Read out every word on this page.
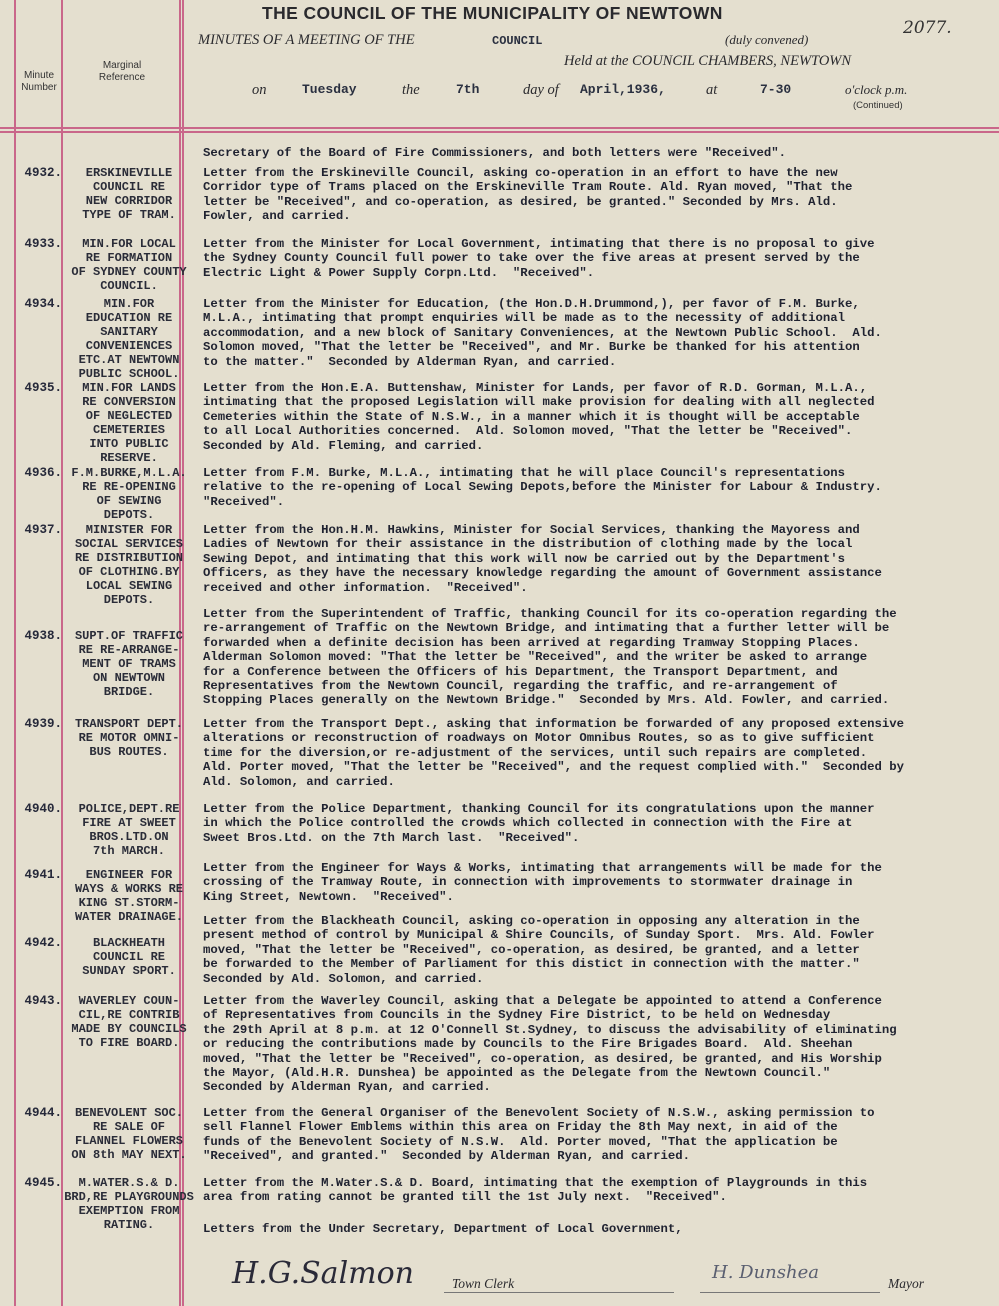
THE COUNCIL OF THE MUNICIPALITY OF NEWTOWN
2077.
MINUTES OF A MEETING OF THE	COUNCIL	(duly convened)
Held at the COUNCIL CHAMBERS, NEWTOWN
Minute Number
Marginal Reference
on	Tuesday	the	7th	day of April,1936,	at	7-30	o'clock p.m.
(Continued)
Secretary of the Board of Fire Commissioners, and both letters were "Received".
4932.	ERSKINEVILLE
COUNCIL RE
NEW CORRIDOR
TYPE OF TRAM.
Letter from the Erskineville Council, asking co-operation in an effort to have the new
Corridor type of Trams placed on the Erskineville Tram Route. Ald. Ryan moved, "That the
letter be "Received", and co-operation, as desired, be granted." Seconded by Mrs. Ald.
Fowler, and carried.
4933.	MIN.FOR LOCAL
RE FORMATION
OF SYDNEY COUNTY
COUNCIL.
Letter from the Minister for Local Government, intimating that there is no proposal to give
the Sydney County Council full power to take over the five areas at present served by the
Electric Light & Power Supply Corpn.Ltd.  "Received".
4934.	MIN.FOR
EDUCATION RE
SANITARY
CONVENIENCES
ETC.AT NEWTOWN
PUBLIC SCHOOL.
Letter from the Minister for Education, (the Hon.D.H.Drummond,), per favor of F.M. Burke,
M.L.A., intimating that prompt enquiries will be made as to the necessity of additional
accommodation, and a new block of Sanitary Conveniences, at the Newtown Public School.  Ald.
Solomon moved, "That the letter be "Received", and Mr. Burke be thanked for his attention
to the matter."  Seconded by Alderman Ryan, and carried.
4935.	MIN.FOR LANDS
RE CONVERSION
OF NEGLECTED
CEMETERIES
INTO PUBLIC
RESERVE.
Letter from the Hon.E.A. Buttenshaw, Minister for Lands, per favor of R.D. Gorman, M.L.A.,
intimating that the proposed Legislation will make provision for dealing with all neglected
Cemeteries within the State of N.S.W., in a manner which it is thought will be acceptable
to all Local Authorities concerned.  Ald. Solomon moved, "That the letter be "Received".
Seconded by Ald. Fleming, and carried.
4936. F.M.BURKE,M.L.A.
RE RE-OPENING
OF SEWING
DEPOTS.
Letter from F.M. Burke, M.L.A., intimating that he will place Council's representations
relative to the re-opening of Local Sewing Depots,before the Minister for Labour & Industry.
"Received".
4937.	MINISTER FOR
SOCIAL SERVICES
RE DISTRIBUTION
OF CLOTHING.BY
LOCAL SEWING
DEPOTS.
Letter from the Hon.H.M. Hawkins, Minister for Social Services, thanking the Mayoress and
Ladies of Newtown for their assistance in the distribution of clothing made by the local
Sewing Depot, and intimating that this work will now be carried out by the Department's
Officers, as they have the necessary knowledge regarding the amount of Government assistance
received and other information.  "Received".
4938.	SUPT.OF TRAFFIC
RE RE-ARRANGE-
MENT OF TRAMS
ON NEWTOWN
BRIDGE.
Letter from the Superintendent of Traffic, thanking Council for its co-operation regarding the
re-arrangement of Traffic on the Newtown Bridge, and intimating that a further letter will be
forwarded when a definite decision has been arrived at regarding Tramway Stopping Places.
Alderman Solomon moved: "That the letter be "Received", and the writer be asked to arrange
for a Conference between the Officers of his Department, the Transport Department, and
Representatives from the Newtown Council, regarding the traffic, and re-arrangement of
Stopping Places generally on the Newtown Bridge."  Seconded by Mrs. Ald. Fowler, and carried.
4939.	TRANSPORT DEPT.
RE MOTOR OMNI-
BUS ROUTES.
Letter from the Transport Dept., asking that information be forwarded of any proposed extensive
alterations or reconstruction of roadways on Motor Omnibus Routes, so as to give sufficient
time for the diversion,or re-adjustment of the services, until such repairs are completed.
Ald. Porter moved, "That the letter be "Received", and the request complied with."  Seconded by
Ald. Solomon, and carried.
4940.	POLICE,DEPT.RE
FIRE AT SWEET
BROS.LTD.ON
7th MARCH.
Letter from the Police Department, thanking Council for its congratulations upon the manner
in which the Police controlled the crowds which collected in connection with the Fire at
Sweet Bros.Ltd. on the 7th March last.  "Received".
4941.	ENGINEER FOR
WAYS & WORKS RE
KING ST.STORM-
WATER DRAINAGE.
Letter from the Engineer for Ways & Works, intimating that arrangements will be made for the
crossing of the Tramway Route, in connection with improvements to stormwater drainage in
King Street, Newtown.  "Received".
4942.	BLACKHEATH
COUNCIL RE
SUNDAY SPORT.
Letter from the Blackheath Council, asking co-operation in opposing any alteration in the
present method of control by Municipal & Shire Councils, of Sunday Sport.  Mrs. Ald. Fowler
moved, "That the letter be "Received", co-operation, as desired, be granted, and a letter
be forwarded to the Member of Parliament for this distict in connection with the matter."
Seconded by Ald. Solomon, and carried.
4943.	WAVERLEY COUN-
CIL,RE CONTRIB
MADE BY COUNCILS
TO FIRE BOARD.
Letter from the Waverley Council, asking that a Delegate be appointed to attend a Conference
of Representatives from Councils in the Sydney Fire District, to be held on Wednesday
the 29th April at 8 p.m. at 12 O'Connell St.Sydney, to discuss the advisability of eliminating
or reducing the contributions made by Councils to the Fire Brigades Board.  Ald. Sheehan
moved, "That the letter be "Received", co-operation, as desired, be granted, and His Worship
the Mayor, (Ald.H.R. Dunshea) be appointed as the Delegate from the Newtown Council."
Seconded by Alderman Ryan, and carried.
4944.	BENEVOLENT SOC.
RE SALE OF
FLANNEL FLOWERS
ON 8th MAY NEXT.
Letter from the General Organiser of the Benevolent Society of N.S.W., asking permission to
sell Flannel Flower Emblems within this area on Friday the 8th May next, in aid of the
funds of the Benevolent Society of N.S.W.  Ald. Porter moved, "That the application be
"Received", and granted."  Seconded by Alderman Ryan, and carried.
4945.	M.WATER.S.& D.
BRD,RE PLAYGROUNDS
EXEMPTION FROM
RATING.
Letter from the M.Water.S.& D. Board, intimating that the exemption of Playgrounds in this
area from rating cannot be granted till the 1st July next.  "Received".
Letters from the Under Secretary, Department of Local Government,
H.G.Salmon	Town Clerk
H. Dunshea
Mayor
